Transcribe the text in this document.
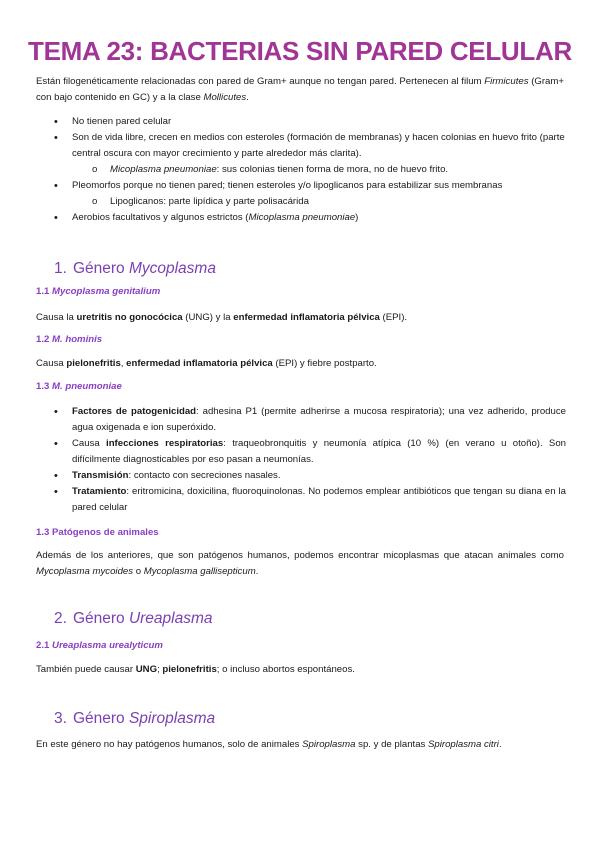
TEMA 23: BACTERIAS SIN PARED CELULAR

Están filogenéticamente relacionadas con pared de Gram+ aunque no tengan pared. Pertenecen al filum Firmicutes (Gram+ con bajo contenido en GC) y a la clase Mollicutes.

• No tienen pared celular

• Son de vida libre, crecen en medios con esteroles (formación de membranas) y hacen colonias en huevo frito (parte central oscura con mayor crecimiento y parte alrededor más clarita).

o Micoplasma pneumoniae: sus colonias tienen forma de mora, no de huevo frito.

• Pleomorfos porque no tienen pared; tienen esteroles y/o lipoglicanos para estabilizar sus membranas

o Lipoglicanos: parte lipídica y parte polisacárida

• Aerobios facultativos y algunos estrictos (Micoplasma pneumoniae)

1. Género Mycoplasma
1.1 Mycoplasma genitalium

Causa la uretritis no gonocócica (UNG) y la enfermedad inflamatoria pélvica (EPI).

1.2 M. hominis

Causa pielonefritis, enfermedad inflamatoria pélvica (EPI) y fiebre postparto.

1.3 M. pneumoniae

• Factores de patogenicidad: adhesina P1 (permite adherirse a mucosa respiratoria); una vez adherido, produce agua oxigenada e ion superóxido.

• Causa infecciones respiratorias: traqueobronquitis y neumonía atípica (10 %) (en verano u otoño). Son difícilmente diagnosticables por eso pasan a neumonías.

• Transmisión: contacto con secreciones nasales.

• Tratamiento: eritromicina, doxicilina, fluoroquinolonas. No podemos emplear antibióticos que tengan su diana en la pared celular

1.3 Patógenos de animales

Además de los anteriores, que son patógenos humanos, podemos encontrar micoplasmas que atacan animales como Mycoplasma mycoides o Mycoplasma gallisepticum.

2. Género Ureaplasma
2.1 Ureaplasma urealyticum

También puede causar UNG; pielonefritis; o incluso abortos espontáneos.

3. Género Spiroplasma

En este género no hay patógenos humanos, solo de animales Spiroplasma sp. y de plantas Spiroplasma citri.
